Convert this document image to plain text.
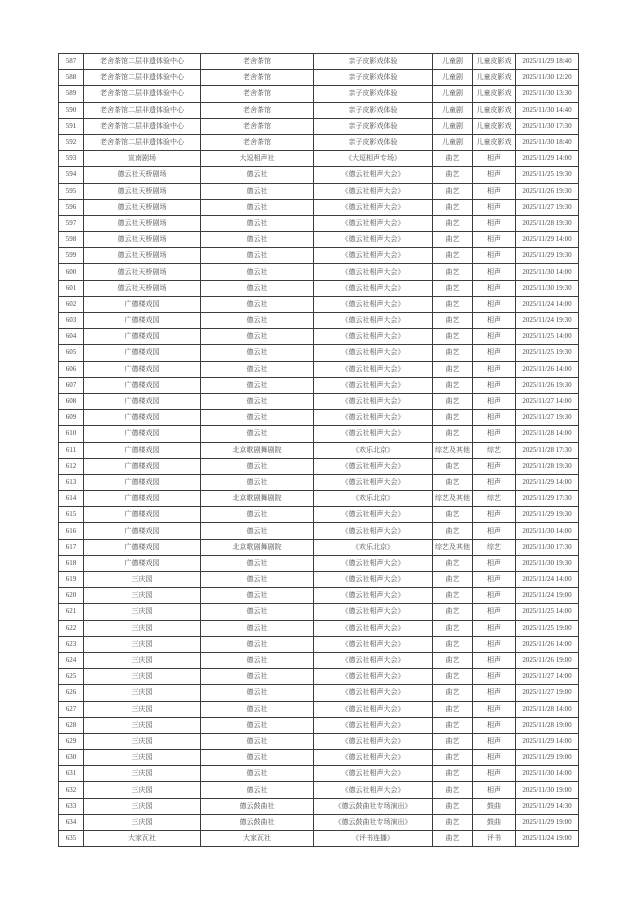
587	老舍茶馆二层非遗体验中心	老舍茶馆	亲子皮影戏体验	儿童剧	儿童皮影戏	2025/11/29 18:40
588	老舍茶馆二层非遗体验中心	老舍茶馆	亲子皮影戏体验	儿童剧	儿童皮影戏	2025/11/30 12:20
589	老舍茶馆二层非遗体验中心	老舍茶馆	亲子皮影戏体验	儿童剧	儿童皮影戏	2025/11/30 13:30
590	老舍茶馆二层非遗体验中心	老舍茶馆	亲子皮影戏体验	儿童剧	儿童皮影戏	2025/11/30 14:40
591	老舍茶馆二层非遗体验中心	老舍茶馆	亲子皮影戏体验	儿童剧	儿童皮影戏	2025/11/30 17:30
592	老舍茶馆二层非遗体验中心	老舍茶馆	亲子皮影戏体验	儿童剧	儿童皮影戏	2025/11/30 18:40
593	宣南剧场	大逗相声社	《大逗相声专场》	曲艺	相声	2025/11/29 14:00
594	德云社天桥剧场	德云社	《德云社相声大会》	曲艺	相声	2025/11/25 19:30
595	德云社天桥剧场	德云社	《德云社相声大会》	曲艺	相声	2025/11/26 19:30
596	德云社天桥剧场	德云社	《德云社相声大会》	曲艺	相声	2025/11/27 19:30
597	德云社天桥剧场	德云社	《德云社相声大会》	曲艺	相声	2025/11/28 19:30
598	德云社天桥剧场	德云社	《德云社相声大会》	曲艺	相声	2025/11/29 14:00
599	德云社天桥剧场	德云社	《德云社相声大会》	曲艺	相声	2025/11/29 19:30
600	德云社天桥剧场	德云社	《德云社相声大会》	曲艺	相声	2025/11/30 14:00
601	德云社天桥剧场	德云社	《德云社相声大会》	曲艺	相声	2025/11/30 19:30
602	广德楼戏园	德云社	《德云社相声大会》	曲艺	相声	2025/11/24 14:00
603	广德楼戏园	德云社	《德云社相声大会》	曲艺	相声	2025/11/24 19:30
604	广德楼戏园	德云社	《德云社相声大会》	曲艺	相声	2025/11/25 14:00
605	广德楼戏园	德云社	《德云社相声大会》	曲艺	相声	2025/11/25 19:30
606	广德楼戏园	德云社	《德云社相声大会》	曲艺	相声	2025/11/26 14:00
607	广德楼戏园	德云社	《德云社相声大会》	曲艺	相声	2025/11/26 19:30
608	广德楼戏园	德云社	《德云社相声大会》	曲艺	相声	2025/11/27 14:00
609	广德楼戏园	德云社	《德云社相声大会》	曲艺	相声	2025/11/27 19:30
610	广德楼戏园	德云社	《德云社相声大会》	曲艺	相声	2025/11/28 14:00
611	广德楼戏园	北京歌剧舞剧院	《欢乐北京》	综艺及其他	综艺	2025/11/28 17:30
612	广德楼戏园	德云社	《德云社相声大会》	曲艺	相声	2025/11/28 19:30
613	广德楼戏园	德云社	《德云社相声大会》	曲艺	相声	2025/11/29 14:00
614	广德楼戏园	北京歌剧舞剧院	《欢乐北京》	综艺及其他	综艺	2025/11/29 17:30
615	广德楼戏园	德云社	《德云社相声大会》	曲艺	相声	2025/11/29 19:30
616	广德楼戏园	德云社	《德云社相声大会》	曲艺	相声	2025/11/30 14:00
617	广德楼戏园	北京歌剧舞剧院	《欢乐北京》	综艺及其他	综艺	2025/11/30 17:30
618	广德楼戏园	德云社	《德云社相声大会》	曲艺	相声	2025/11/30 19:30
619	三庆园	德云社	《德云社相声大会》	曲艺	相声	2025/11/24 14:00
620	三庆园	德云社	《德云社相声大会》	曲艺	相声	2025/11/24 19:00
621	三庆园	德云社	《德云社相声大会》	曲艺	相声	2025/11/25 14:00
622	三庆园	德云社	《德云社相声大会》	曲艺	相声	2025/11/25 19:00
623	三庆园	德云社	《德云社相声大会》	曲艺	相声	2025/11/26 14:00
624	三庆园	德云社	《德云社相声大会》	曲艺	相声	2025/11/26 19:00
625	三庆园	德云社	《德云社相声大会》	曲艺	相声	2025/11/27 14:00
626	三庆园	德云社	《德云社相声大会》	曲艺	相声	2025/11/27 19:00
627	三庆园	德云社	《德云社相声大会》	曲艺	相声	2025/11/28 14:00
628	三庆园	德云社	《德云社相声大会》	曲艺	相声	2025/11/28 19:00
629	三庆园	德云社	《德云社相声大会》	曲艺	相声	2025/11/29 14:00
630	三庆园	德云社	《德云社相声大会》	曲艺	相声	2025/11/29 19:00
631	三庆园	德云社	《德云社相声大会》	曲艺	相声	2025/11/30 14:00
632	三庆园	德云社	《德云社相声大会》	曲艺	相声	2025/11/30 19:00
633	三庆园	德云鼓曲社	《德云鼓曲社专场演出》	曲艺	鼓曲	2025/11/29 14:30
634	三庆园	德云鼓曲社	《德云鼓曲社专场演出》	曲艺	鼓曲	2025/11/29 19:00
635	大家瓦社	大家瓦社	《评书连播》	曲艺	评书	2025/11/24 19:00
